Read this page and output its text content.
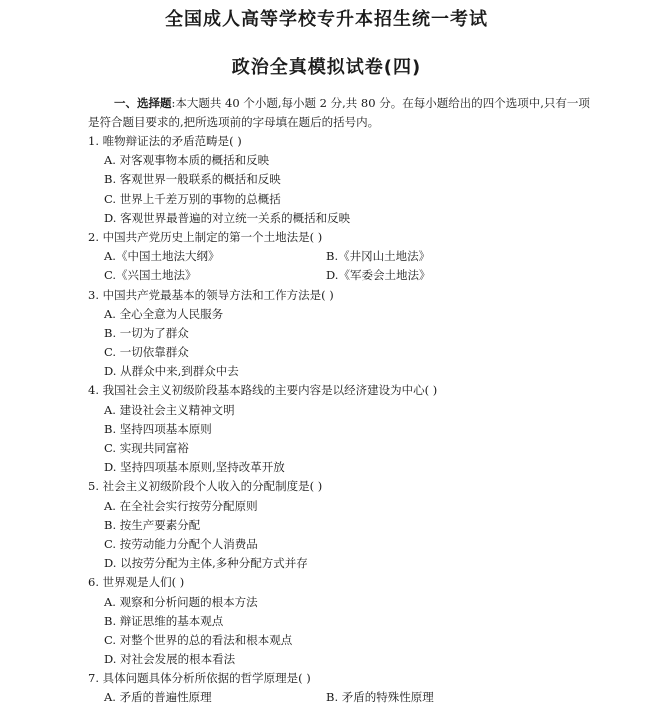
全国成人高等学校专升本招生统一考试
政治全真模拟试卷(四)
一、选择题:本大题共 40 个小题,每小题 2 分,共 80 分。在每小题给出的四个选项中,只有一项是符合题目要求的,把所选项前的字母填在题后的括号内。
1. 唯物辩证法的矛盾范畴是( )
A. 对客观事物本质的概括和反映
B. 客观世界一般联系的概括和反映
C. 世界上千差万别的事物的总概括
D. 客观世界最普遍的对立统一关系的概括和反映
2. 中国共产党历史上制定的第一个土地法是( )
A.《中国土地法大纲》	B.《井冈山土地法》
C.《兴国土地法》	D.《军委会土地法》
3. 中国共产党最基本的领导方法和工作方法是( )
A. 全心全意为人民服务
B. 一切为了群众
C. 一切依靠群众
D. 从群众中来,到群众中去
4. 我国社会主义初级阶段基本路线的主要内容是以经济建设为中心( )
A. 建设社会主义精神文明
B. 坚持四项基本原则
C. 实现共同富裕
D. 坚持四项基本原则,坚持改革开放
5. 社会主义初级阶段个人收入的分配制度是( )
A. 在全社会实行按劳分配原则
B. 按生产要素分配
C. 按劳动能力分配个人消费品
D. 以按劳分配为主体,多种分配方式并存
6. 世界观是人们( )
A. 观察和分析问题的根本方法
B. 辩证思维的基本观点
C. 对整个世界的总的看法和根本观点
D. 对社会发展的根本看法
7. 具体问题具体分析所依据的哲学原理是( )
A. 矛盾的普遍性原理	B. 矛盾的特殊性原理
